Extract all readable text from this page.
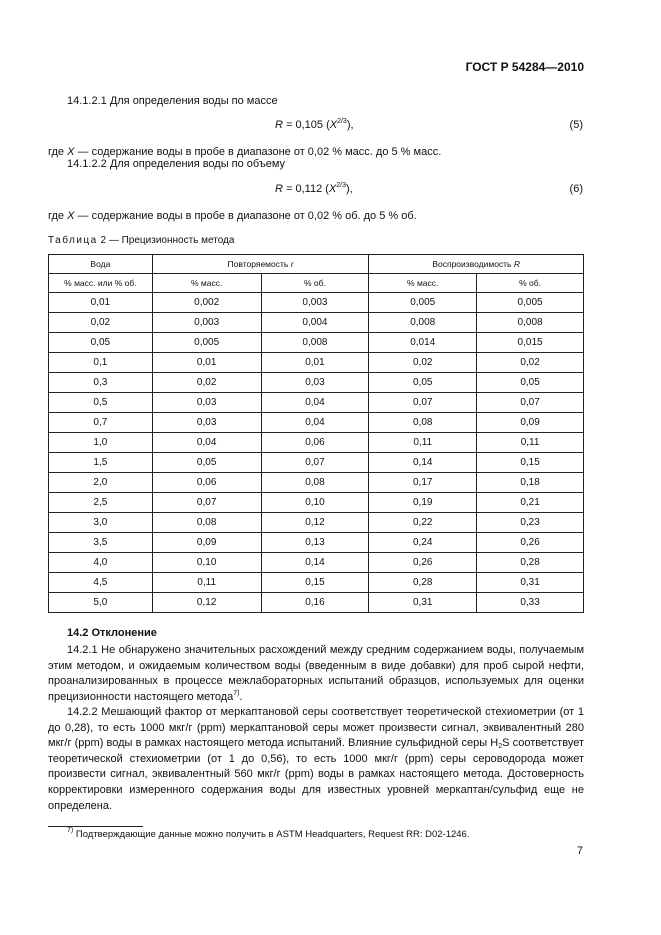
ГОСТ Р 54284—2010
14.1.2.1 Для определения воды по массе
R = 0,105 $(X^{2/3})$,	(5)
где X — содержание воды в пробе в диапазоне от 0,02 % масс. до 5 % масс.
14.1.2.2 Для определения воды по объему
R = 0,112 $(X^{2/3})$,	(6)
где X — содержание воды в пробе в диапазоне от 0,02 % об. до 5 % об.
Таблица 2 — Прецизионность метода
Вода	Повторяемость r		Воспроизводимость R	
% масс. или % об.	% масс.	% об.	% масс.	% об.
0,01	0,002	0,003	0,005	0,005
0,02	0,003	0,004	0,008	0,008
0,05	0,005	0,008	0,014	0,015
0,1	0,01	0,01	0,02	0,02
0,3	0,02	0,03	0,05	0,05
0,5	0,03	0,04	0,07	0,07
0,7	0,03	0,04	0,08	0,09
1,0	0,04	0,06	0,11	0,11
1,5	0,05	0,07	0,14	0,15
2,0	0,06	0,08	0,17	0,18
2,5	0,07	0,10	0,19	0,21
3,0	0,08	0,12	0,22	0,23
3,5	0,09	0,13	0,24	0,26
4,0	0,10	0,14	0,26	0,28
4,5	0,11	0,15	0,28	0,31
5,0	0,12	0,16	0,31	0,33
14.2 Отклонение
14.2.1 Не обнаружено значительных расхождений между средним содержанием воды, получаемым этим методом, и ожидаемым количеством воды (введенным в виде добавки) для проб сырой нефти, проанализированных в процессе межлабораторных испытаний образцов, используемых для оценки прецизионности настоящего метода$^{7)}$.
14.2.2 Мешающий фактор от меркаптановой серы соответствует теоретической стехиометрии (от 1 до 0,28), то есть 1000 мкг/г (ppm) меркаптановой серы может произвести сигнал, эквивалентный 280 мкг/г (ppm) воды в рамках настоящего метода испытаний. Влияние сульфидной серы $H_2S$ соответствует теоретической стехиометрии (от 1 до 0,56), то есть 1000 мкг/г (ppm) серы сероводорода может произвести сигнал, эквивалентный 560 мкг/г (ppm) воды в рамках настоящего метода. Достоверность корректировки измеренного содержания воды для известных уровней меркаптан/сульфид еще не определена.
$^{7)}$ Подтверждающие данные можно получить в ASTM Headquarters, Request RR: D02-1246.
7
